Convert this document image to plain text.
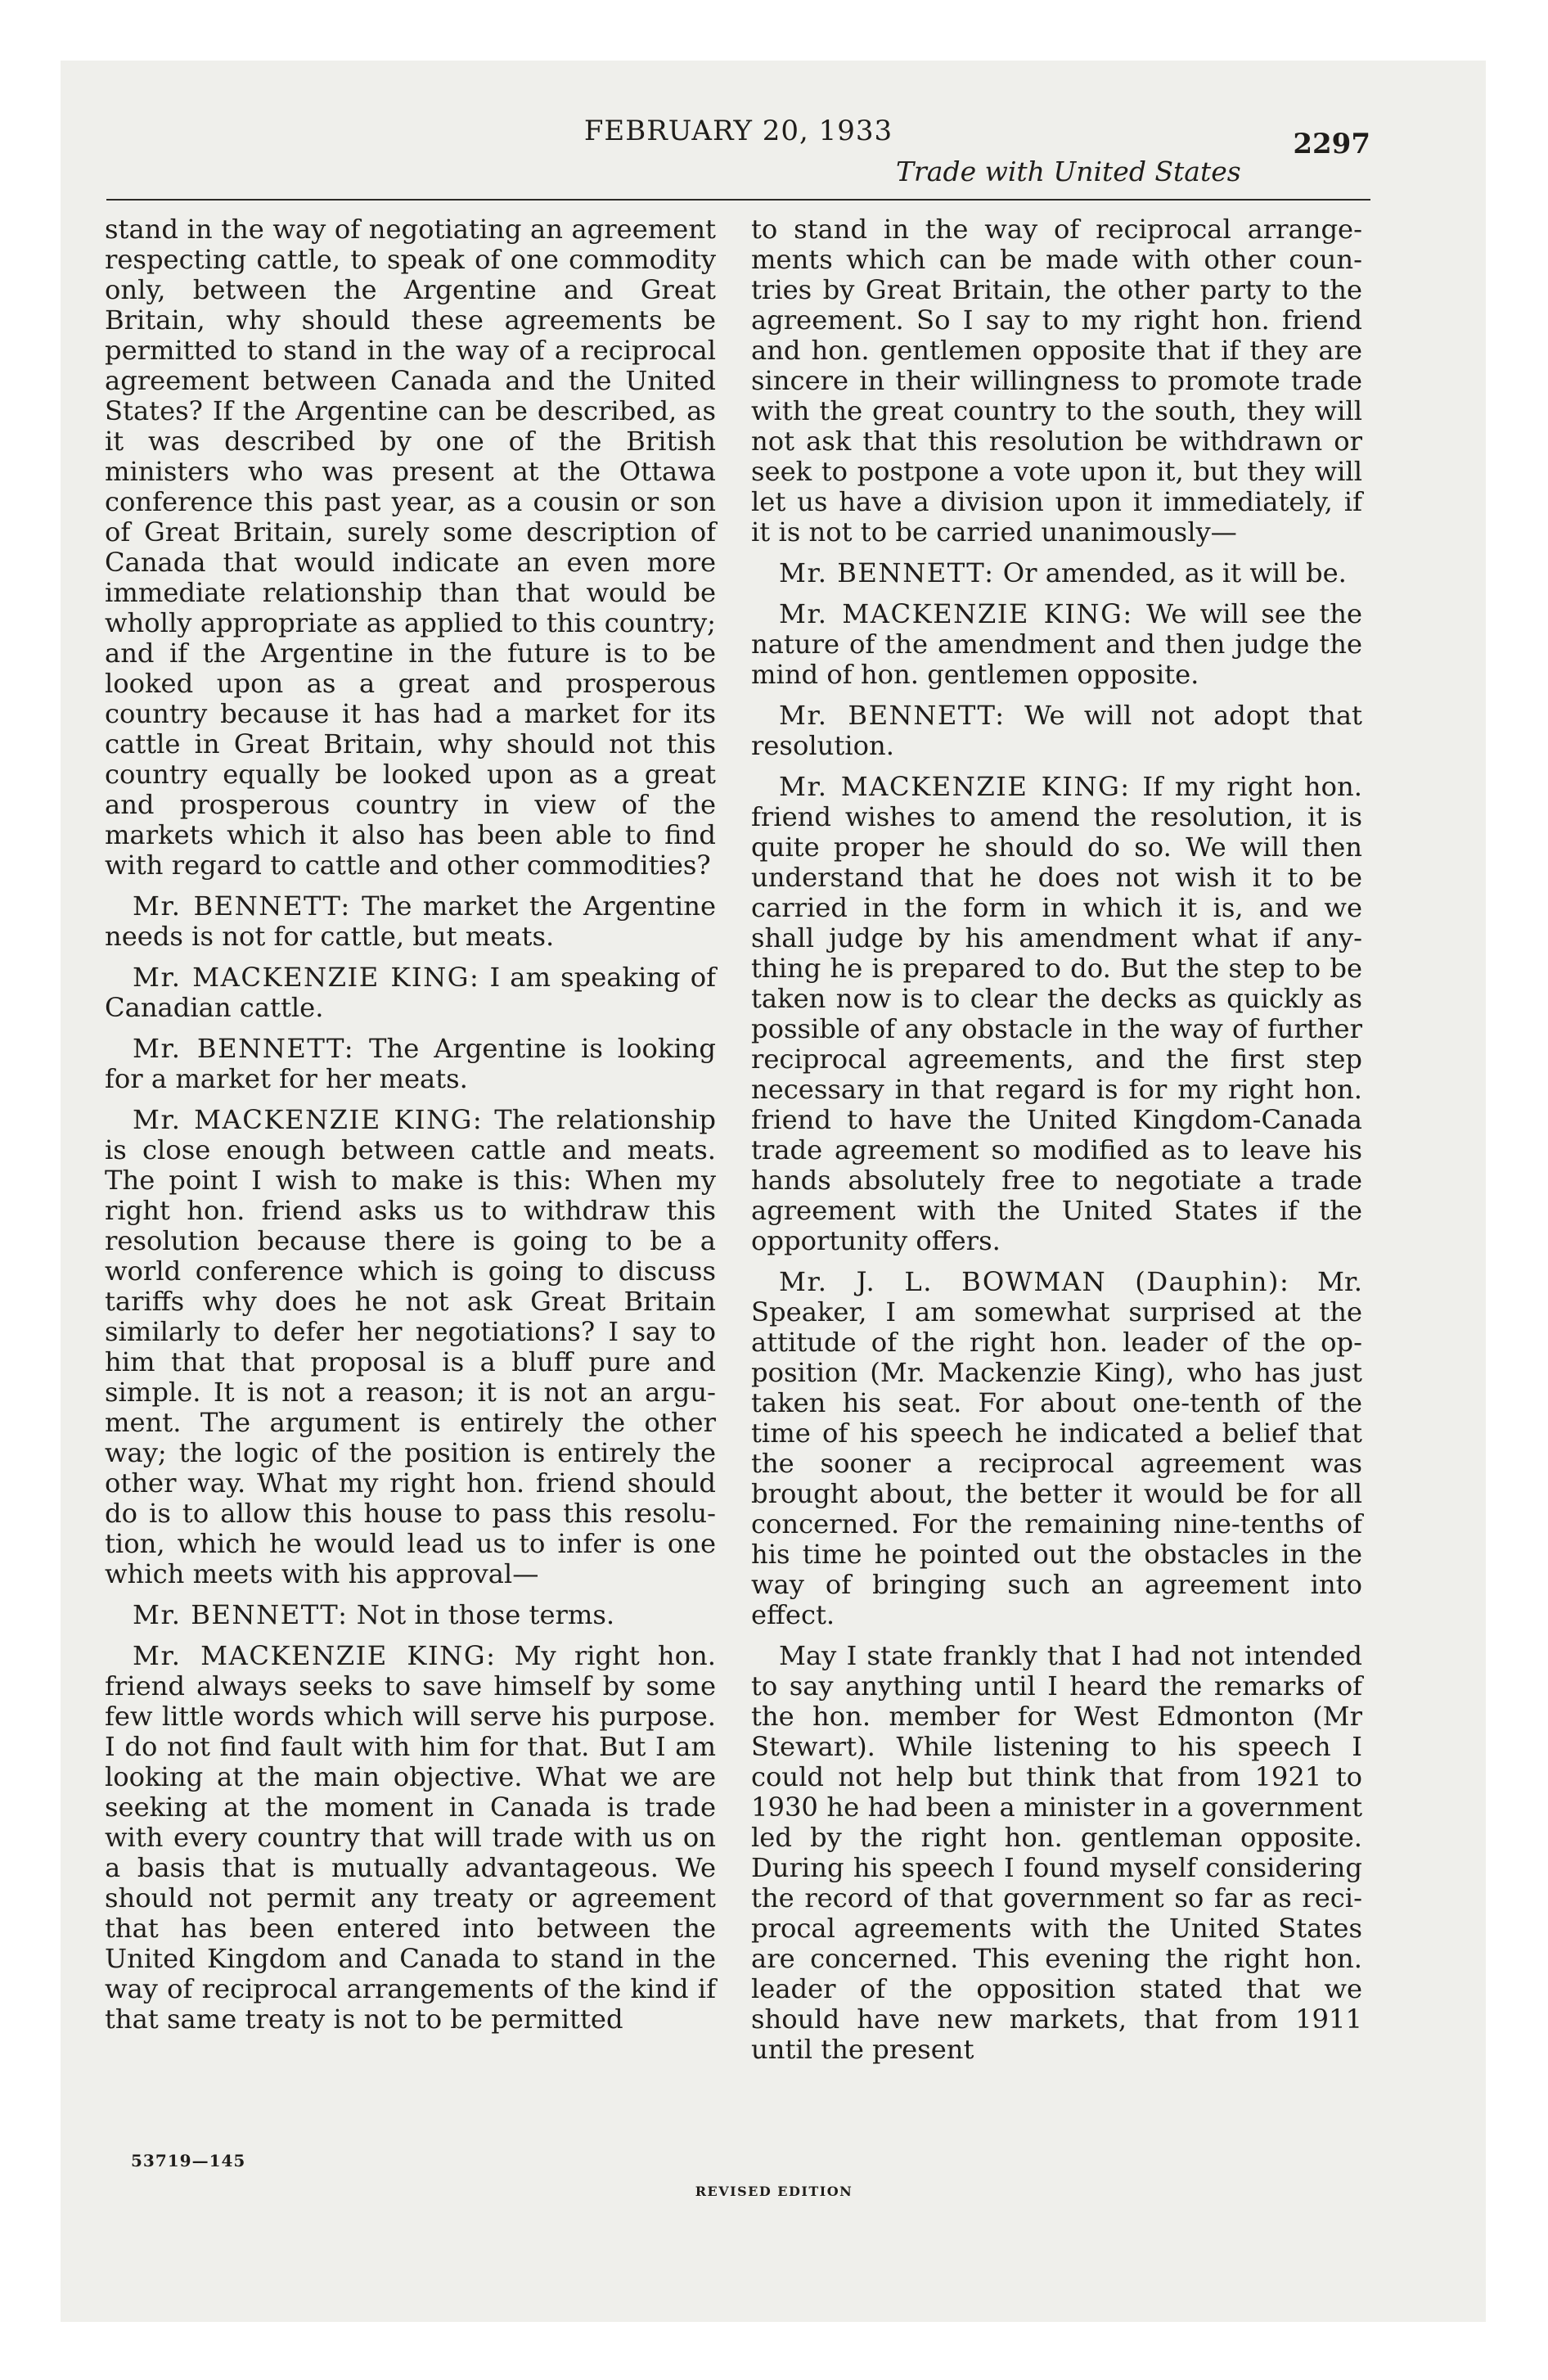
FEBRUARY 20, 1933
Trade with United States
2297

stand in the way of negotiating an agreement respecting cattle, to speak of one commodity only, between the Argentine and Great Britain, why should these agreements be permitted to stand in the way of a reciprocal agreement between Canada and the United States? If the Argentine can be described, as it was described by one of the British ministers who was present at the Ottawa conference this past year, as a cousin or son of Great Britain, surely some description of Canada that would indicate an even more immediate relationship than that would be wholly appropriate as applied to this country; and if the Argentine in the future is to be looked upon as a great and prosperous country because it has had a market for its cattle in Great Britain, why should not this country equally be looked upon as a great and prosperous country in view of the markets which it also has been able to find with regard to cattle and other commodities?

Mr. BENNETT: The market the Argentine needs is not for cattle, but meats.

Mr. MACKENZIE KING: I am speaking of Canadian cattle.

Mr. BENNETT: The Argentine is looking for a market for her meats.

Mr. MACKENZIE KING: The relationship is close enough between cattle and meats. The point I wish to make is this: When my right hon. friend asks us to withdraw this resolution because there is going to be a world conference which is going to discuss tariffs why does he not ask Great Britain similarly to defer her negotiations? I say to him that that proposal is a bluff pure and simple. It is not a reason; it is not an argument. The argument is entirely the other way; the logic of the position is entirely the other way. What my right hon. friend should do is to allow this house to pass this resolution, which he would lead us to infer is one which meets with his approval—

Mr. BENNETT: Not in those terms.

Mr. MACKENZIE KING: My right hon. friend always seeks to save himself by some few little words which will serve his purpose. I do not find fault with him for that. But I am looking at the main objective. What we are seeking at the moment in Canada is trade with every country that will trade with us on a basis that is mutually advantageous. We should not permit any treaty or agreement that has been entered into between the United Kingdom and Canada to stand in the way of reciprocal arrangements of the kind if that same treaty is not to be permitted

to stand in the way of reciprocal arrangements which can be made with other countries by Great Britain, the other party to the agreement. So I say to my right hon. friend and hon. gentlemen opposite that if they are sincere in their willingness to promote trade with the great country to the south, they will not ask that this resolution be withdrawn or seek to postpone a vote upon it, but they will let us have a division upon it immediately, if it is not to be carried unanimously—

Mr. BENNETT: Or amended, as it will be.

Mr. MACKENZIE KING: We will see the nature of the amendment and then judge the mind of hon. gentlemen opposite.

Mr. BENNETT: We will not adopt that resolution.

Mr. MACKENZIE KING: If my right hon. friend wishes to amend the resolution, it is quite proper he should do so. We will then understand that he does not wish it to be carried in the form in which it is, and we shall judge by his amendment what if anything he is prepared to do. But the step to be taken now is to clear the decks as quickly as possible of any obstacle in the way of further reciprocal agreements, and the first step necessary in that regard is for my right hon. friend to have the United Kingdom-Canada trade agreement so modified as to leave his hands absolutely free to negotiate a trade agreement with the United States if the opportunity offers.

Mr. J. L. BOWMAN (Dauphin): Mr. Speaker, I am somewhat surprised at the attitude of the right hon. leader of the opposition (Mr. Mackenzie King), who has just taken his seat. For about one-tenth of the time of his speech he indicated a belief that the sooner a reciprocal agreement was brought about, the better it would be for all concerned. For the remaining nine-tenths of his time he pointed out the obstacles in the way of bringing such an agreement into effect.

May I state frankly that I had not intended to say anything until I heard the remarks of the hon. member for West Edmonton (Mr Stewart). While listening to his speech I could not help but think that from 1921 to 1930 he had been a minister in a government led by the right hon. gentleman opposite. During his speech I found myself considering the record of that government so far as reciprocal agreements with the United States are concerned. This evening the right hon. leader of the opposition stated that we should have new markets, that from 1911 until the present

53719—145
REVISED EDITION
